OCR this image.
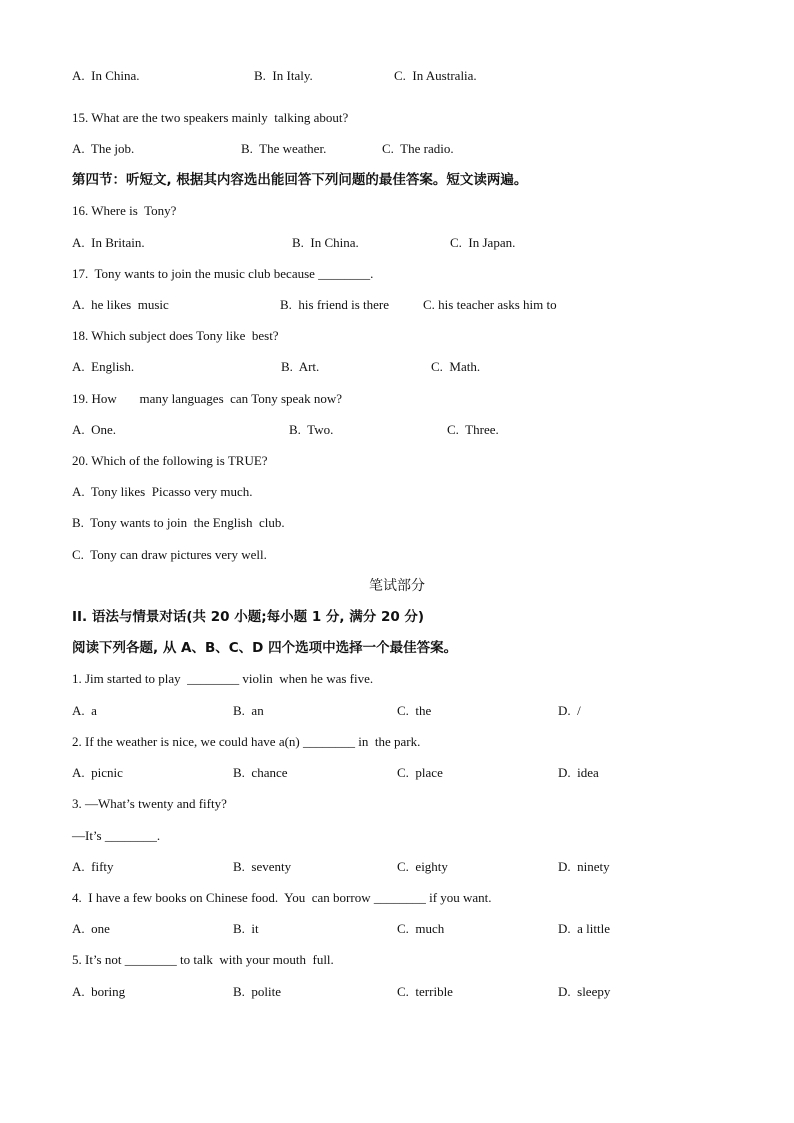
A.  In China.	B.  In Italy.	C.  In Australia.
15. What are the two speakers mainly  talking about?
A.  The job.	B.  The weather.	C.  The radio.
第四节：听短文, 根据其内容选出能回答下列问题的最佳答案。短文读两遍。
16. Where is  Tony?
A.  In Britain.	B.  In China.	C.  In Japan.
17.  Tony wants to join the music club because ________.
A.  he likes  music	B.  his friend is there	C. his teacher asks him to
18. Which subject does Tony like  best?
A.  English.	B.  Art.	C.  Math.
19. How       many languages  can Tony speak now?
A.  One.	B.  Two.	C.  Three.
20. Which of the following is TRUE?
A.  Tony likes  Picasso very much.
B.  Tony wants to join  the English  club.
C.  Tony can draw pictures very well.
笔试部分
II. 语法与情景对话(共 20 小题;每小题 1 分, 满分 20 分)
阅读下列各题, 从 A、B、C、D 四个选项中选择一个最佳答案。
1. Jim started to play  ________ violin  when he was five.
A.  a	B.  an	C.  the	D.  /
2. If the weather is nice, we could have a(n) ________ in  the park.
A.  picnic	B.  chance	C.  place	D.  idea
3. —What’s twenty and fifty?
—It’s ________.
A.  fifty	B.  seventy	C.  eighty	D.  ninety
4.  I have a few books on Chinese food.  You  can borrow ________ if you want.
A.  one	B.  it	C.  much	D.  a little
5. It’s not ________ to talk  with your mouth  full.
A.  boring	B.  polite	C.  terrible	D.  sleepy
